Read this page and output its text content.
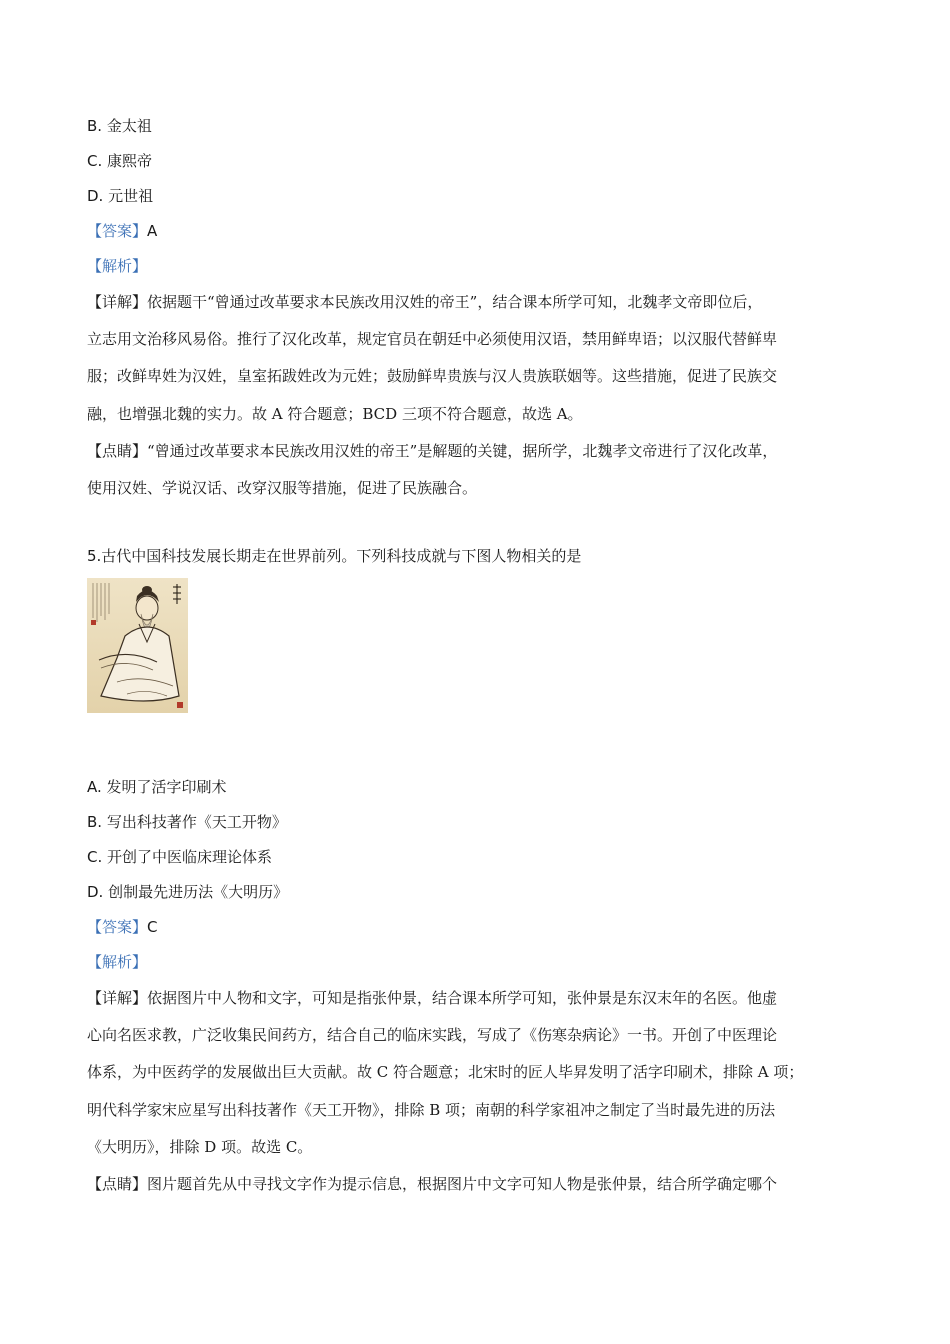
B. 金太祖
C. 康熙帝
D. 元世祖
【答案】A
【解析】
【详解】依据题干“曾通过改革要求本民族改用汉姓的帝王”，结合课本所学可知，北魏孝文帝即位后，
立志用文治移风易俗。推行了汉化改革，规定官员在朝廷中必须使用汉语，禁用鲜卑语；以汉服代替鲜卑
服；改鲜卑姓为汉姓，皇室拓跋姓改为元姓；鼓励鲜卑贵族与汉人贵族联姻等。这些措施，促进了民族交
融，也增强北魏的实力。故 A 符合题意；BCD 三项不符合题意，故选 A。
【点睛】“曾通过改革要求本民族改用汉姓的帝王”是解题的关键，据所学，北魏孝文帝进行了汉化改革，
使用汉姓、学说汉话、改穿汉服等措施，促进了民族融合。
5.古代中国科技发展长期走在世界前列。下列科技成就与下图人物相关的是
A. 发明了活字印刷术
B. 写出科技著作《天工开物》
C. 开创了中医临床理论体系
D. 创制最先进历法《大明历》
【答案】C
【解析】
【详解】依据图片中人物和文字，可知是指张仲景，结合课本所学可知，张仲景是东汉末年的名医。他虚
心向名医求教，广泛收集民间药方，结合自己的临床实践，写成了《伤寒杂病论》一书。开创了中医理论
体系，为中医药学的发展做出巨大贡献。故 C 符合题意；北宋时的匠人毕昇发明了活字印刷术，排除 A 项；
明代科学家宋应星写出科技著作《天工开物》，排除 B 项；南朝的科学家祖冲之制定了当时最先进的历法
《大明历》，排除 D 项。故选 C。
【点睛】图片题首先从中寻找文字作为提示信息，根据图片中文字可知人物是张仲景，结合所学确定哪个
